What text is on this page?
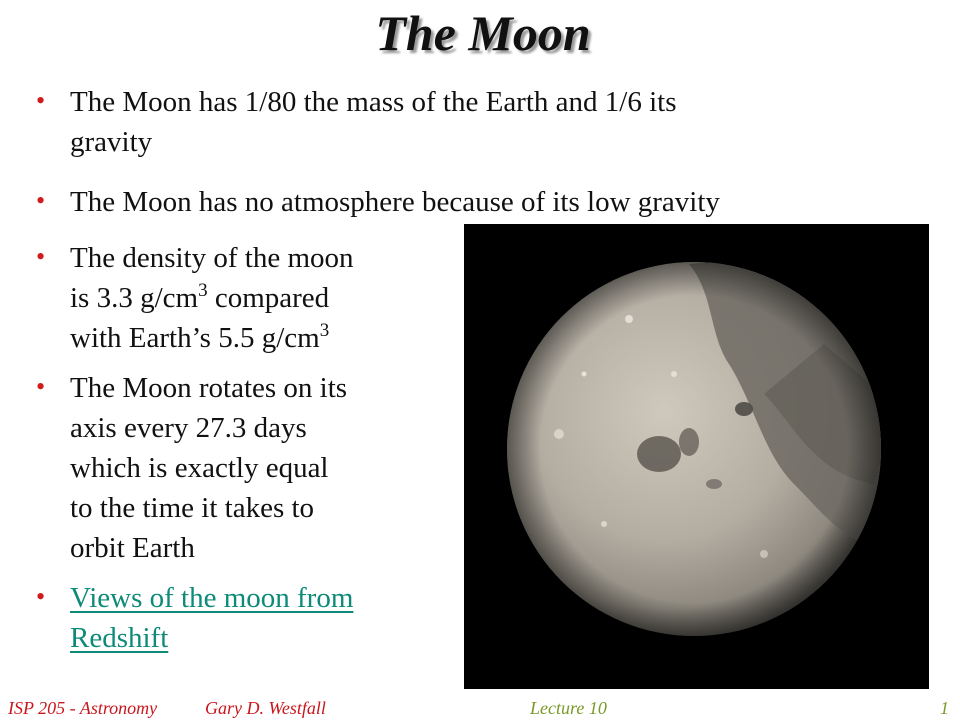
The Moon
• The Moon has 1/80 the mass of the Earth and 1/6 its
gravity
• The Moon has no atmosphere because of its low gravity
• The density of the moon
is 3.3 $g/cm^3$ compared
with Earth’s 5.5 $g/cm^3$
• The Moon rotates on its
axis every 27.3 days
which is exactly equal
to the time it takes to
orbit Earth
• Views of the moon from
Redshift
ISP 205 - Astronomy	Gary D. Westfall	Lecture 10	1
